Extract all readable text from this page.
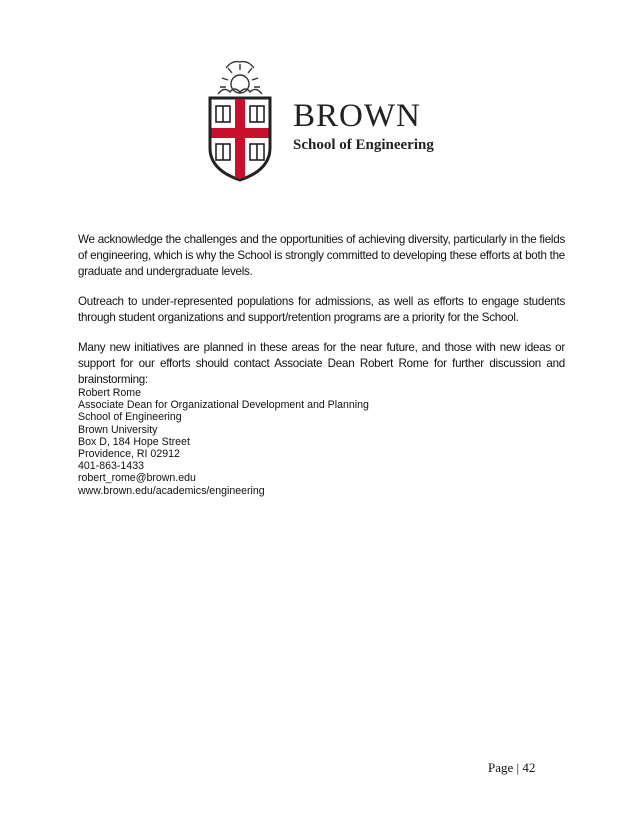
BROWN
School of Engineering

We acknowledge the challenges and the opportunities of achieving diversity, particularly in the fields of engineering, which is why the School is strongly committed to developing these efforts at both the graduate and undergraduate levels.

Outreach to under-represented populations for admissions, as well as efforts to engage students through student organizations and support/retention programs are a priority for the School.

Many new initiatives are planned in these areas for the near future, and those with new ideas or support for our efforts should contact Associate Dean Robert Rome for further discussion and brainstorming:

Robert Rome
Associate Dean for Organizational Development and Planning
School of Engineering
Brown University
Box D, 184 Hope Street
Providence, RI 02912
401-863-1433
robert_rome@brown.edu
www.brown.edu/academics/engineering
Page | 42
